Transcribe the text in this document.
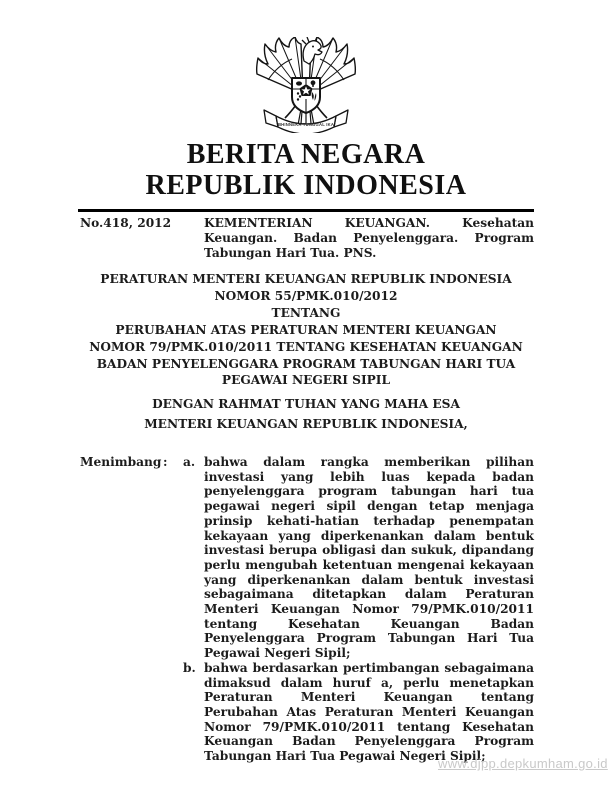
BHINNEKA TUNGGAL IKA
BERITA NEGARA
REPUBLIK INDONESIA
No.418, 2012	KEMENTERIAN KEUANGAN. Kesehatan Keuangan. Badan Penyelenggara. Program Tabungan Hari Tua. PNS.
PERATURAN MENTERI KEUANGAN REPUBLIK INDONESIA
NOMOR 55/PMK.010/2012
TENTANG
PERUBAHAN ATAS PERATURAN MENTERI KEUANGAN
NOMOR 79/PMK.010/2011 TENTANG KESEHATAN KEUANGAN
BADAN PENYELENGGARA PROGRAM TABUNGAN HARI TUA
PEGAWAI NEGERI SIPIL
DENGAN RAHMAT TUHAN YANG MAHA ESA
MENTERI KEUANGAN REPUBLIK INDONESIA,
Menimbang :	a. bahwa dalam rangka memberikan pilihan investasi yang lebih luas kepada badan penyelenggara program tabungan hari tua pegawai negeri sipil dengan tetap menjaga prinsip kehati-hatian terhadap penempatan kekayaan yang diperkenankan dalam bentuk investasi berupa obligasi dan sukuk, dipandang perlu mengubah ketentuan mengenai kekayaan yang diperkenankan dalam bentuk investasi sebagaimana ditetapkan dalam Peraturan Menteri Keuangan Nomor 79/PMK.010/2011 tentang Kesehatan Keuangan Badan Penyelenggara Program Tabungan Hari Tua Pegawai Negeri Sipil;
b. bahwa berdasarkan pertimbangan sebagaimana dimaksud dalam huruf a, perlu menetapkan Peraturan Menteri Keuangan tentang Perubahan Atas Peraturan Menteri Keuangan Nomor 79/PMK.010/2011 tentang Kesehatan Keuangan Badan Penyelenggara Program Tabungan Hari Tua Pegawai Negeri Sipil;
www.djpp.depkumham.go.id
